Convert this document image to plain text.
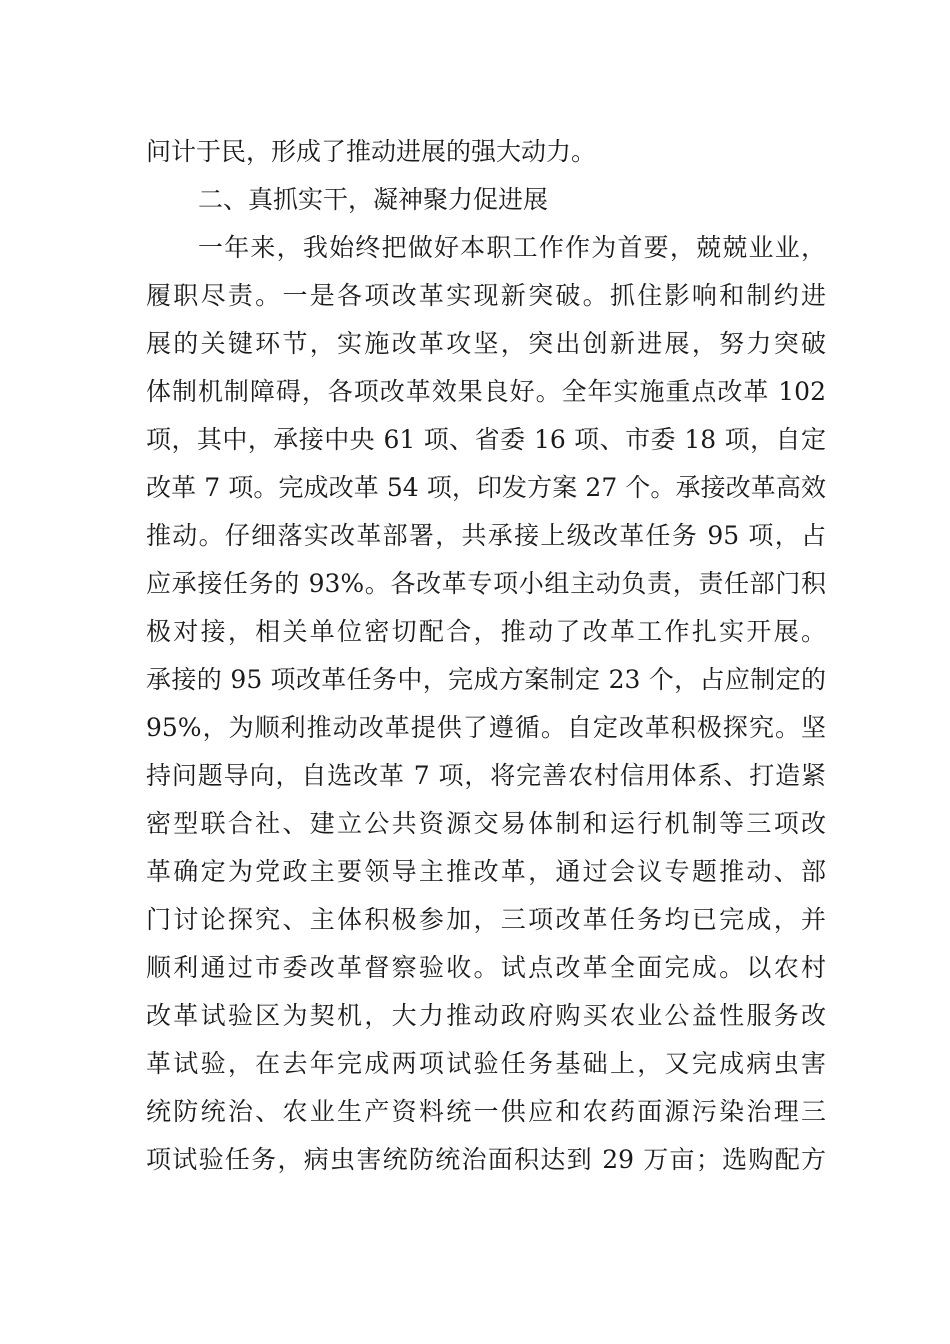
问计于民，形成了推动进展的强大动力。
二、真抓实干，凝神聚力促进展
一年来，我始终把做好本职工作作为首要，兢兢业业，
履职尽责。一是各项改革实现新突破。抓住影响和制约进
展的关键环节，实施改革攻坚，突出创新进展，努力突破
体制机制障碍，各项改革效果良好。全年实施重点改革 102
项，其中，承接中央 61 项、省委 16 项、市委 18 项，自定
改革 7 项。完成改革 54 项，印发方案 27 个。承接改革高效
推动。仔细落实改革部署，共承接上级改革任务 95 项，占
应承接任务的 93%。各改革专项小组主动负责，责任部门积
极对接，相关单位密切配合，推动了改革工作扎实开展。
承接的 95 项改革任务中，完成方案制定 23 个，占应制定的
95%，为顺利推动改革提供了遵循。自定改革积极探究。坚
持问题导向，自选改革 7 项，将完善农村信用体系、打造紧
密型联合社、建立公共资源交易体制和运行机制等三项改
革确定为党政主要领导主推改革，通过会议专题推动、部
门讨论探究、主体积极参加，三项改革任务均已完成，并
顺利通过市委改革督察验收。试点改革全面完成。以农村
改革试验区为契机，大力推动政府购买农业公益性服务改
革试验，在去年完成两项试验任务基础上，又完成病虫害
统防统治、农业生产资料统一供应和农药面源污染治理三
项试验任务，病虫害统防统治面积达到 29 万亩；选购配方
